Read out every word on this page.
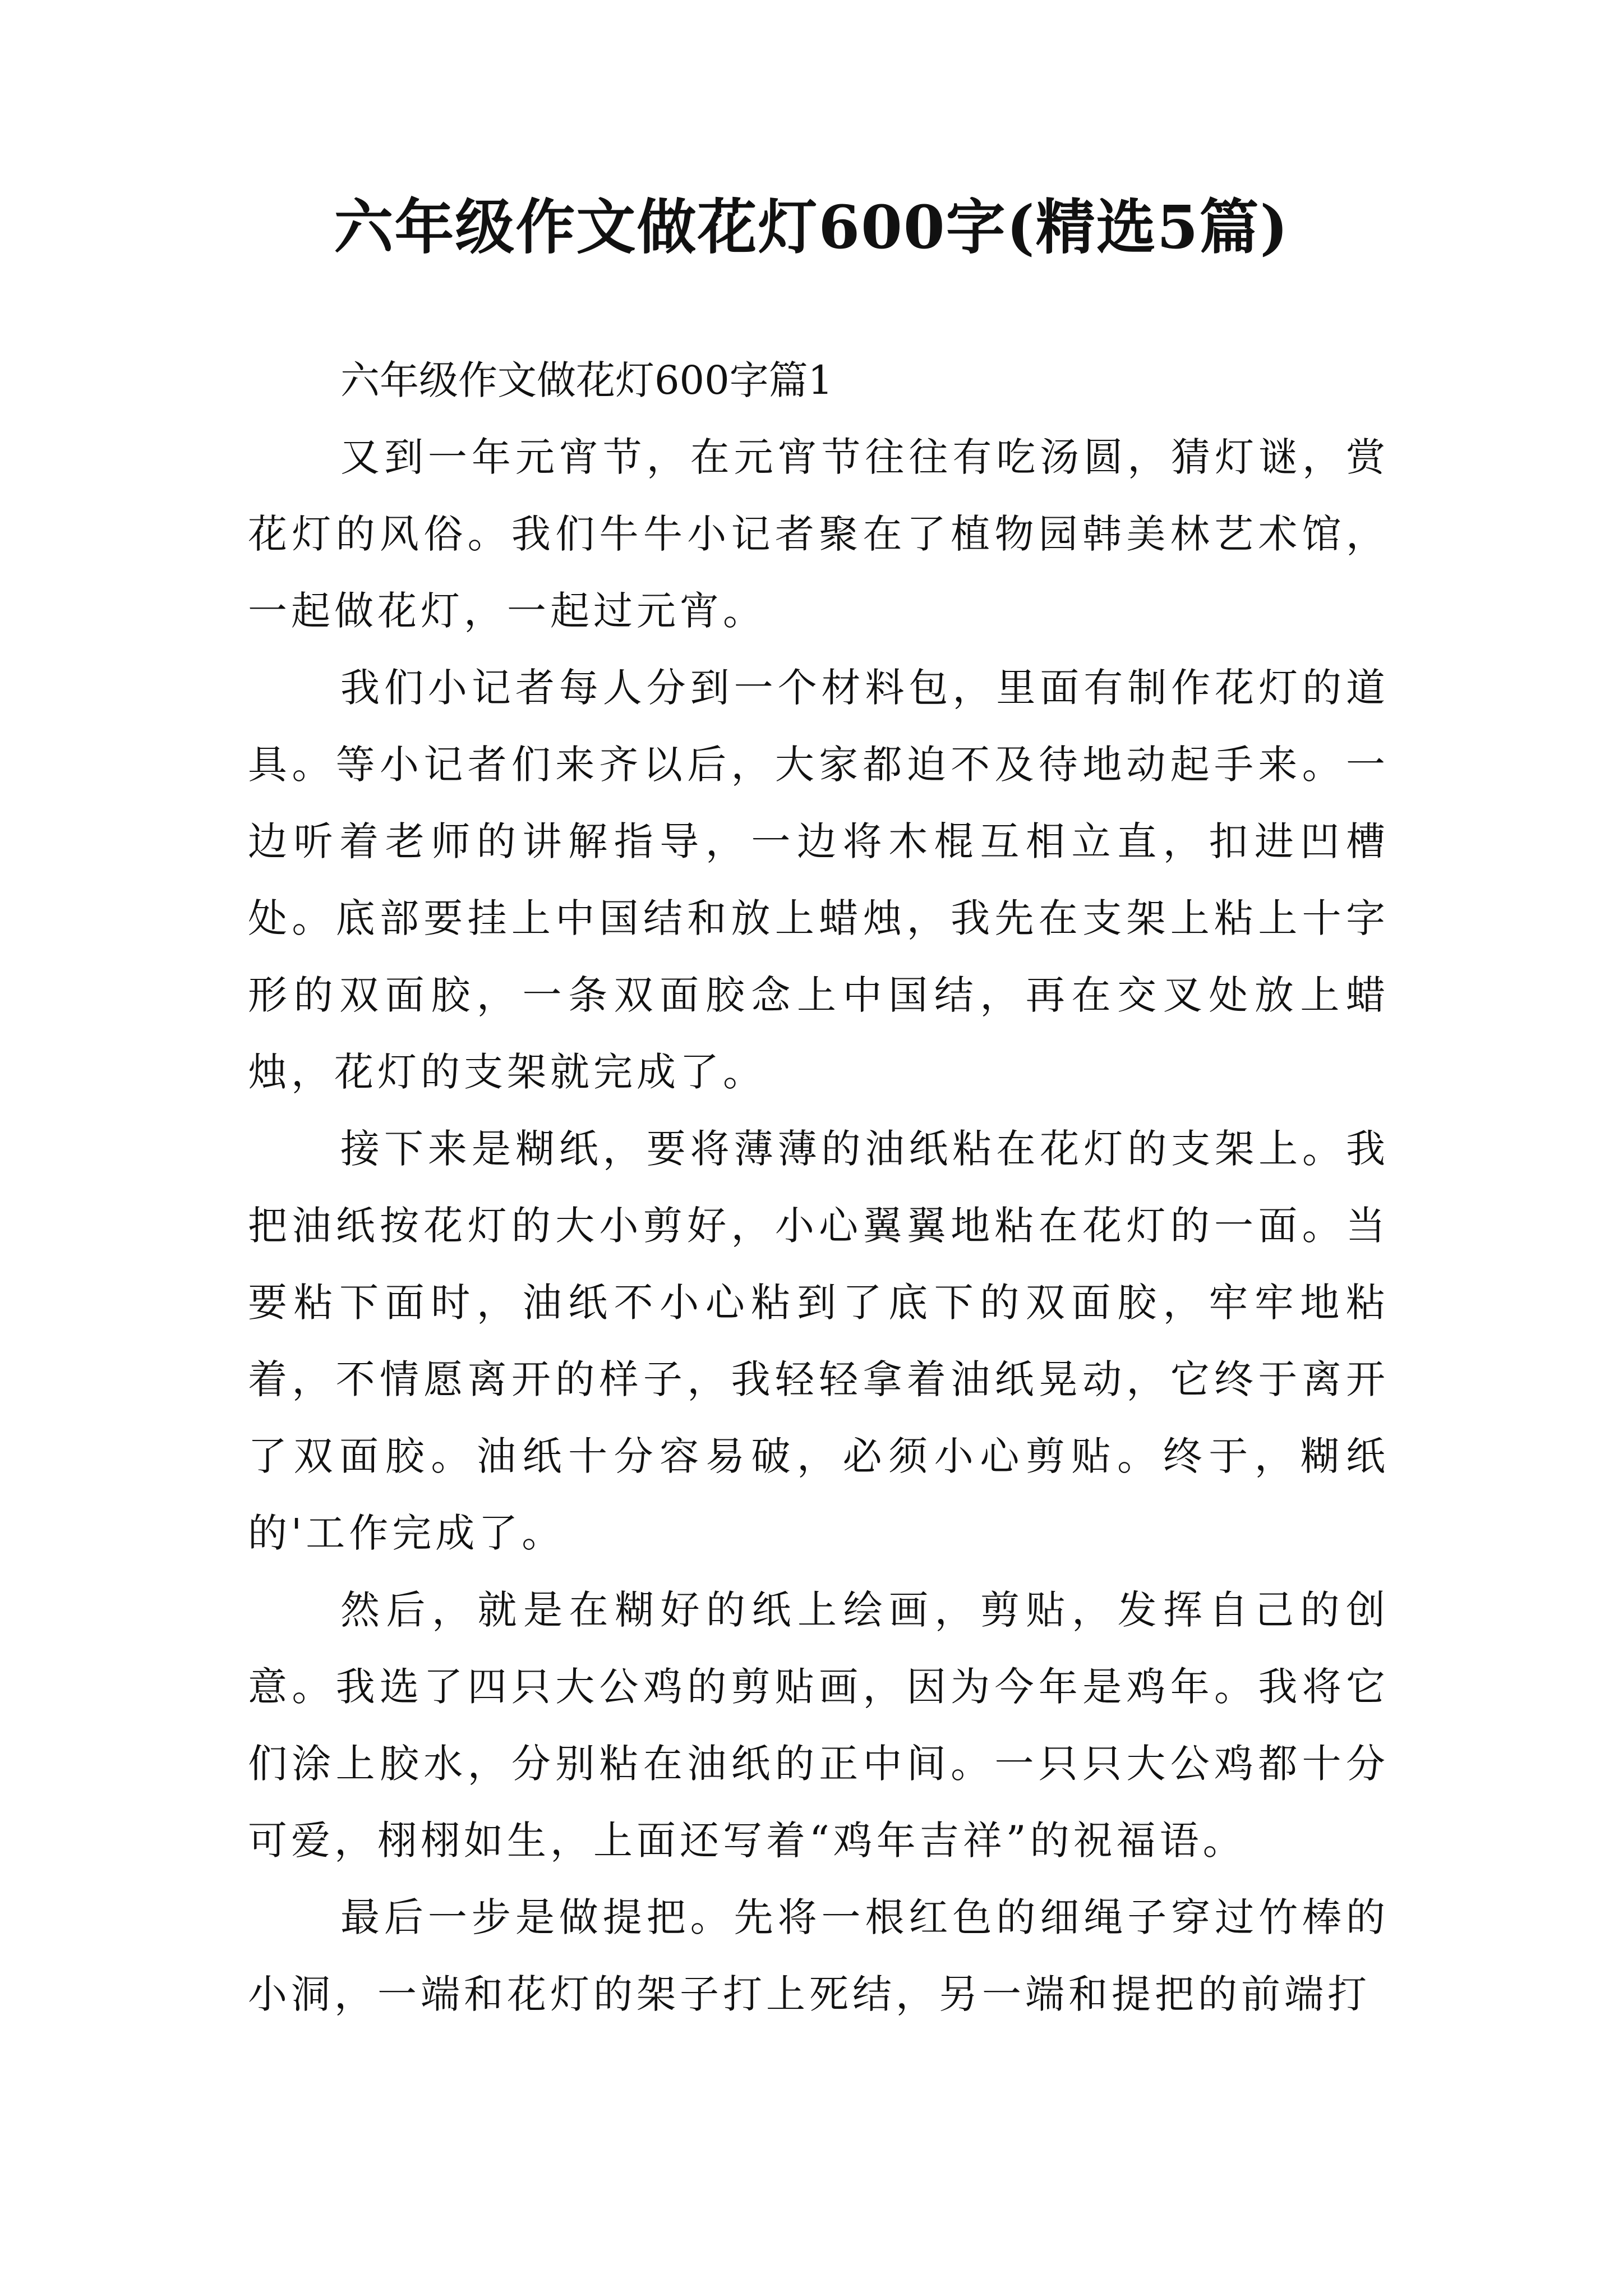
六年级作文做花灯600字(精选5篇)
六年级作文做花灯600字篇1

又到一年元宵节，在元宵节往往有吃汤圆，猜灯谜，赏花灯的风俗。我们牛牛小记者聚在了植物园韩美林艺术馆，一起做花灯，一起过元宵。

我们小记者每人分到一个材料包，里面有制作花灯的道具。等小记者们来齐以后，大家都迫不及待地动起手来。一边听着老师的讲解指导，一边将木棍互相立直，扣进凹槽处。底部要挂上中国结和放上蜡烛，我先在支架上粘上十字形的双面胶，一条双面胶念上中国结，再在交叉处放上蜡烛，花灯的支架就完成了。

接下来是糊纸，要将薄薄的油纸粘在花灯的支架上。我把油纸按花灯的大小剪好，小心翼翼地粘在花灯的一面。当要粘下面时，油纸不小心粘到了底下的双面胶，牢牢地粘着，不情愿离开的样子，我轻轻拿着油纸晃动，它终于离开了双面胶。油纸十分容易破，必须小心剪贴。终于，糊纸的'工作完成了。

然后，就是在糊好的纸上绘画，剪贴，发挥自己的创意。我选了四只大公鸡的剪贴画，因为今年是鸡年。我将它们涂上胶水，分别粘在油纸的正中间。一只只大公鸡都十分可爱，栩栩如生，上面还写着“鸡年吉祥”的祝福语。

最后一步是做提把。先将一根红色的细绳子穿过竹棒的小洞，一端和花灯的架子打上死结，另一端和提把的前端打
